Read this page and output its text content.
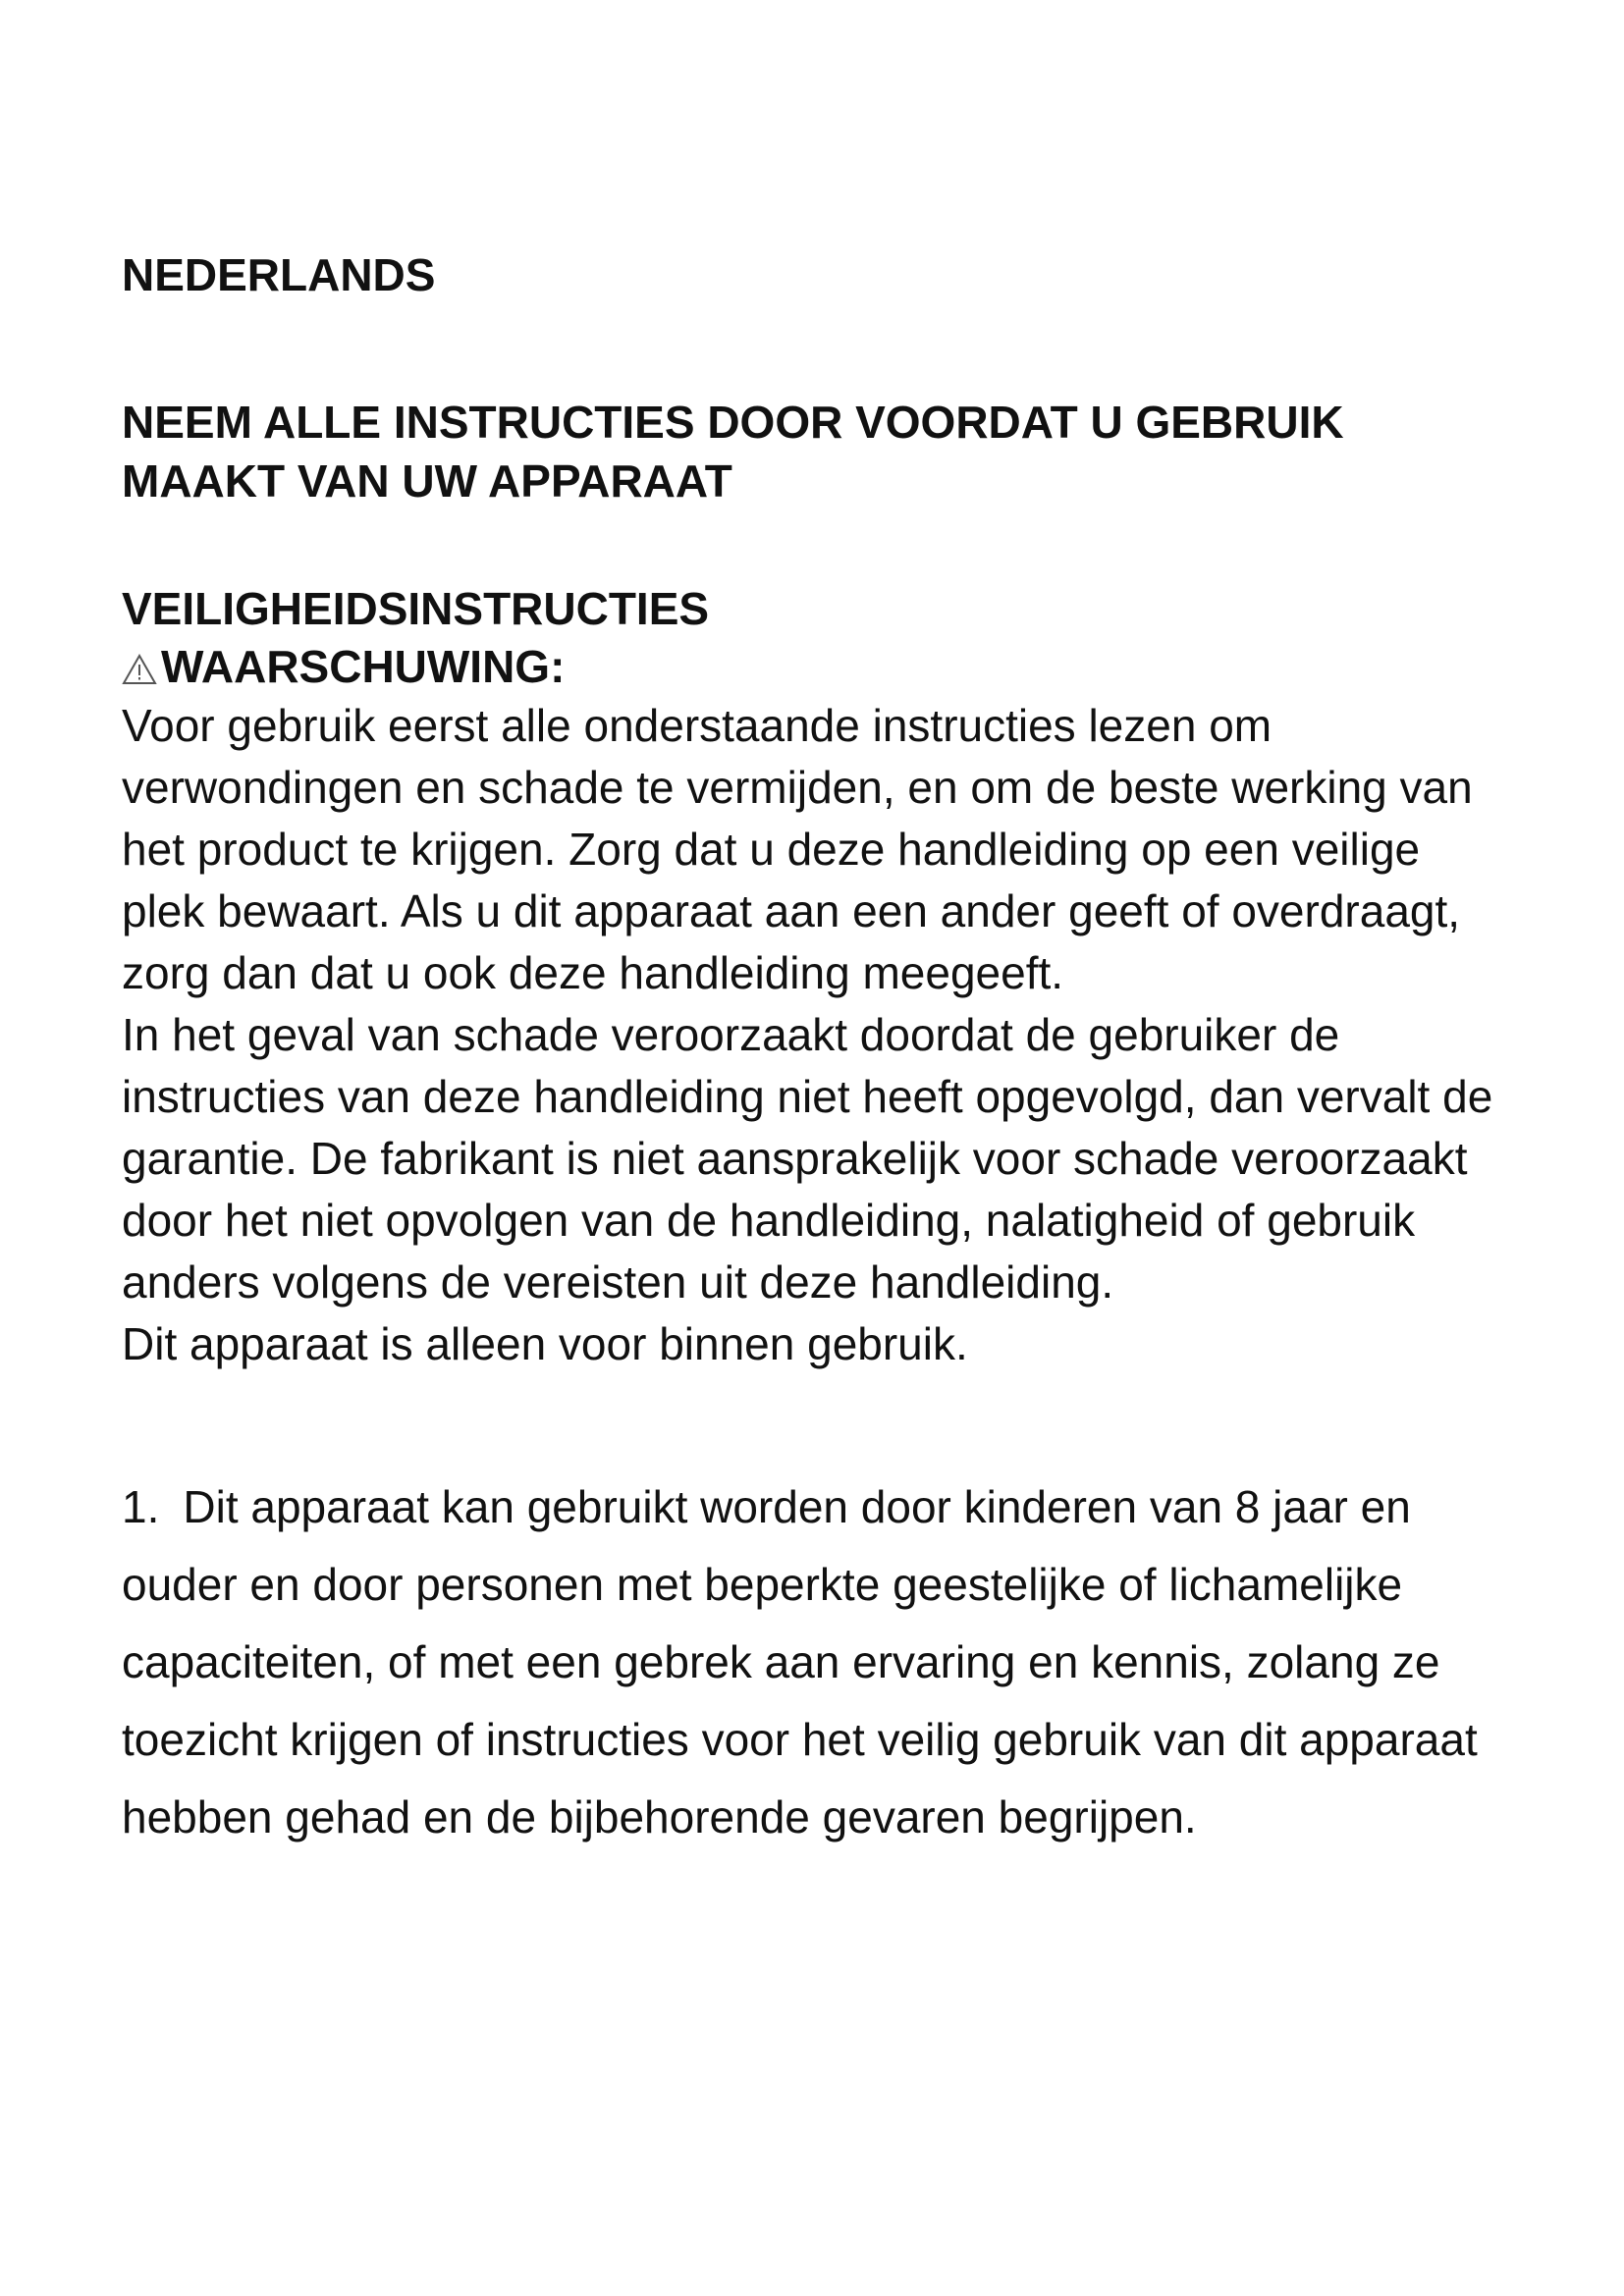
NEDERLANDS
NEEM ALLE INSTRUCTIES DOOR VOORDAT U GEBRUIK MAAKT VAN UW APPARAAT
VEILIGHEIDSINSTRUCTIES
WAARSCHUWING:

Voor gebruik eerst alle onderstaande instructies lezen om verwondingen en schade te vermijden, en om de beste werking van het product te krijgen. Zorg dat u deze handleiding op een veilige plek bewaart. Als u dit apparaat aan een ander geeft of overdraagt, zorg dan dat u ook deze handleiding meegeeft.

In het geval van schade veroorzaakt doordat de gebruiker de instructies van deze handleiding niet heeft opgevolgd, dan vervalt de garantie. De fabrikant is niet aansprakelijk voor schade veroorzaakt door het niet opvolgen van de handleiding, nalatigheid of gebruik anders volgens de vereisten uit deze handleiding.

Dit apparaat is alleen voor binnen gebruik.

1. Dit apparaat kan gebruikt worden door kinderen van 8 jaar en ouder en door personen met beperkte geestelijke of lichamelijke capaciteiten, of met een gebrek aan ervaring en kennis, zolang ze toezicht krijgen of instructies voor het veilig gebruik van dit apparaat hebben gehad en de bijbehorende gevaren begrijpen.
